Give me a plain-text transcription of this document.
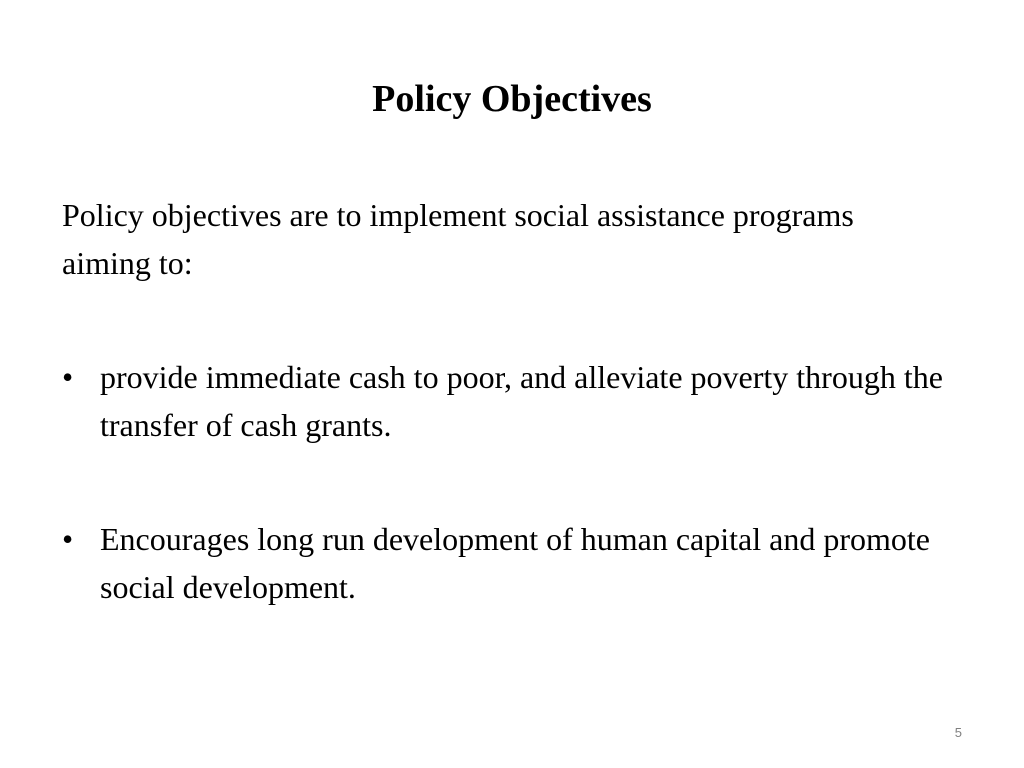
Policy Objectives

Policy objectives are to implement social assistance programs aiming to:

• provide immediate cash to poor, and alleviate poverty through the transfer of cash grants.
• Encourages long run development of human capital and promote social development.
5
